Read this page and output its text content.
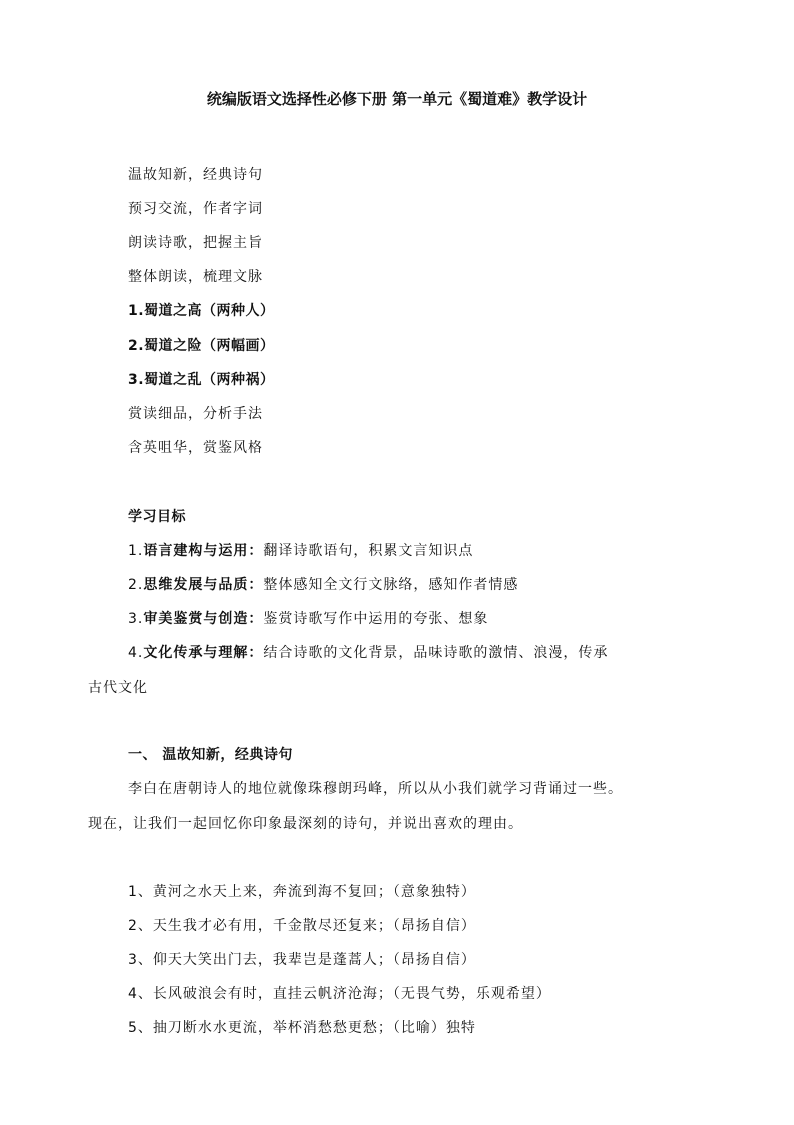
统编版语文选择性必修下册 第一单元《蜀道难》教学设计
温故知新，经典诗句
预习交流，作者字词
朗读诗歌，把握主旨
整体朗读，梳理文脉
1.蜀道之高（两种人）
2.蜀道之险（两幅画）
3.蜀道之乱（两种祸）
赏读细品，分析手法
含英咀华，赏鉴风格
学习目标
1.语言建构与运用：翻译诗歌语句，积累文言知识点
2.思维发展与品质：整体感知全文行文脉络，感知作者情感
3.审美鉴赏与创造：鉴赏诗歌写作中运用的夸张、想象
4.文化传承与理解：结合诗歌的文化背景，品味诗歌的激情、浪漫，传承
古代文化
一、 温故知新，经典诗句
李白在唐朝诗人的地位就像珠穆朗玛峰，所以从小我们就学习背诵过一些。
现在，让我们一起回忆你印象最深刻的诗句，并说出喜欢的理由。
1、黄河之水天上来，奔流到海不复回；（意象独特）
2、天生我才必有用，千金散尽还复来；（昂扬自信）
3、仰天大笑出门去，我辈岂是蓬蒿人；（昂扬自信）
4、长风破浪会有时，直挂云帆济沧海；（无畏气势，乐观希望）
5、抽刀断水水更流，举杯消愁愁更愁；（比喻）独特
